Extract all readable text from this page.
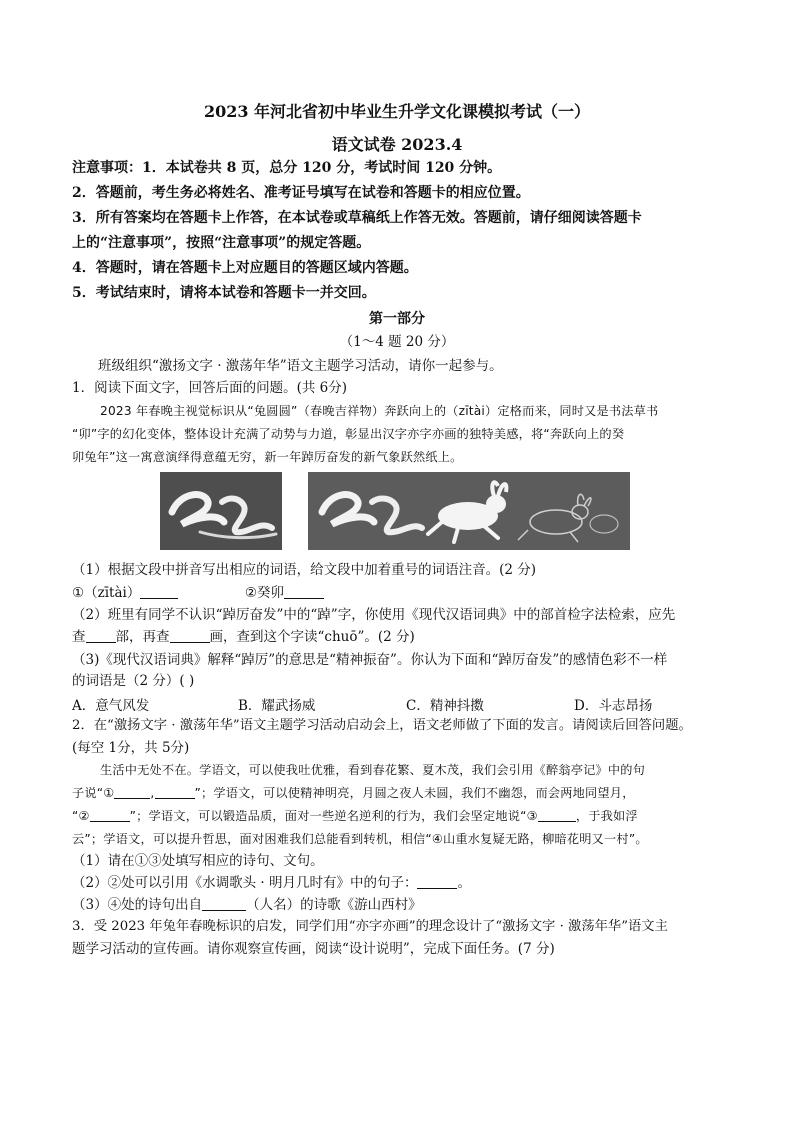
2023 年河北省初中毕业生升学文化课模拟考试（一）
语文试卷 2023.4
注意事项：1．本试卷共 8 页，总分 120 分，考试时间 120 分钟。
2．答题前，考生务必将姓名、准考证号填写在试卷和答题卡的相应位置。
3．所有答案均在答题卡上作答，在本试卷或草稿纸上作答无效。答题前，请仔细阅读答题卡
上的“注意事项”，按照“注意事项”的规定答题。
4．答题时，请在答题卡上对应题目的答题区域内答题。
5．考试结束时，请将本试卷和答题卡一并交回。
第一部分
（1～4 题 20 分）
班级组织“激扬文字 · 激荡年华”语文主题学习活动，请你一起参与。
1．阅读下面文字，回答后面的问题。(共 6分)
2023 年春晚主视觉标识从“兔圆圆”（春晚吉祥物）奔跃向上的（zītài）定格而来，同时又是书法草书
“卯”字的幻化变体，整体设计充满了动势与力道，彰显出汉字亦字亦画的独特美感，将“奔跃向上的癸
卯兔年”这一寓意演绎得意蕴无穷，新一年踔厉奋发的新气象跃然纸上。
（1）根据文段中拼音写出相应的词语，给文段中加着重号的词语注音。(2 分)
①（zītài）	②癸卯
（2）班里有同学不认识“踔厉奋发”中的“踔”字，你使用《现代汉语词典》中的部首检字法检索，应先
查 部，再查	画，查到这个字读“chuō”。(2 分)
（3)《现代汉语词典》解释“踔厉”的意思是“精神振奋”。你认为下面和“踔厉奋发”的感情色彩不一样
的词语是（2 分）( )
A．意气风发	B．耀武扬威	C．精神抖擞	D．斗志昂扬
2．在“激扬文字 · 激荡年华”语文主题学习活动启动会上，语文老师做了下面的发言。请阅读后回答问题。
(每空 1分，共 5分)
生活中无处不在。学语文，可以使我吐优雅，看到春花繁、夏木茂，我们会引用《醉翁亭记》中的句
子说“①	,	”；学语文，可以使精神明亮，月圆之夜人未圆，我们不幽怨，而会两地同望月，
“②	”；学语文，可以锻造品质，面对一些逆名逆利的行为，我们会坚定地说“③	，于我如浮
云”；学语文，可以提升哲思，面对困难我们总能看到转机，相信“④山重水复疑无路，柳暗花明又一村”。
（1）请在①③处填写相应的诗句、文句。
（2）②处可以引用《水调歌头 · 明月几时有》中的句子：	。
（3）④处的诗句出自	（人名）的诗歌《游山西村》
3．受 2023 年兔年春晚标识的启发，同学们用“亦字亦画”的理念设计了“激扬文字 · 激荡年华”语文主
题学习活动的宣传画。请你观察宣传画，阅读“设计说明”，完成下面任务。(7 分)
